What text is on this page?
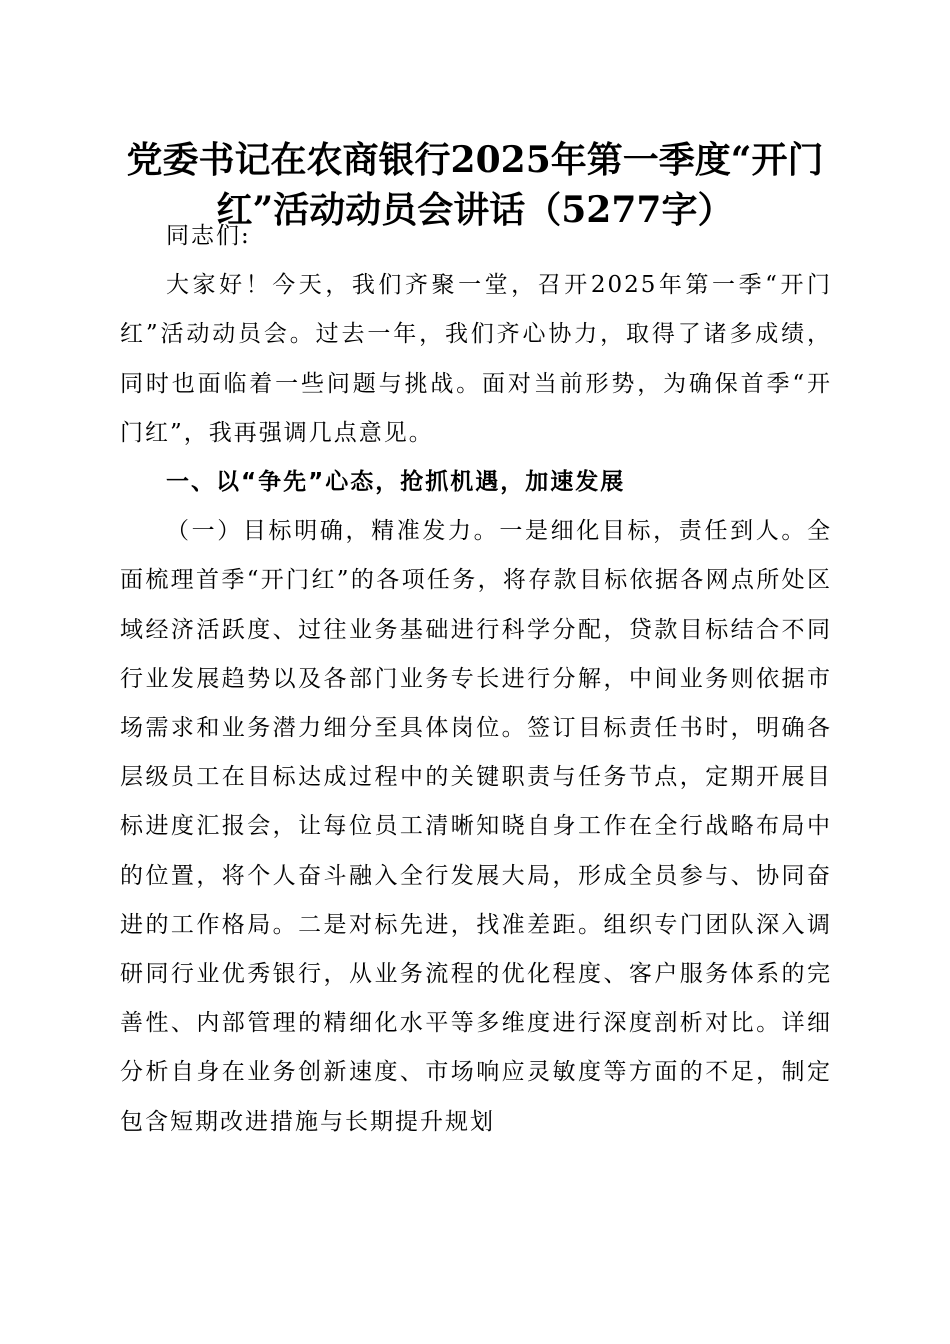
党委书记在农商银行2025年第一季度“开门红”活动动员会讲话（5277字）

同志们:

大家好！今天，我们齐聚一堂，召开2025年第一季“开门红”活动动员会。过去一年，我们齐心协力，取得了诸多成绩，同时也面临着一些问题与挑战。面对当前形势，为确保首季“开门红”，我再强调几点意见。

一、以“争先”心态，抢抓机遇，加速发展

（一）目标明确，精准发力。一是细化目标，责任到人。全面梳理首季“开门红”的各项任务，将存款目标依据各网点所处区域经济活跃度、过往业务基础进行科学分配，贷款目标结合不同行业发展趋势以及各部门业务专长进行分解，中间业务则依据市场需求和业务潜力细分至具体岗位。签订目标责任书时，明确各层级员工在目标达成过程中的关键职责与任务节点，定期开展目标进度汇报会，让每位员工清晰知晓自身工作在全行战略布局中的位置，将个人奋斗融入全行发展大局，形成全员参与、协同奋进的工作格局。二是对标先进，找准差距。组织专门团队深入调研同行业优秀银行，从业务流程的优化程度、客户服务体系的完善性、内部管理的精细化水平等多维度进行深度剖析对比。详细分析自身在业务创新速度、市场响应灵敏度等方面的不足，制定包含短期改进措施与长期提升规划
